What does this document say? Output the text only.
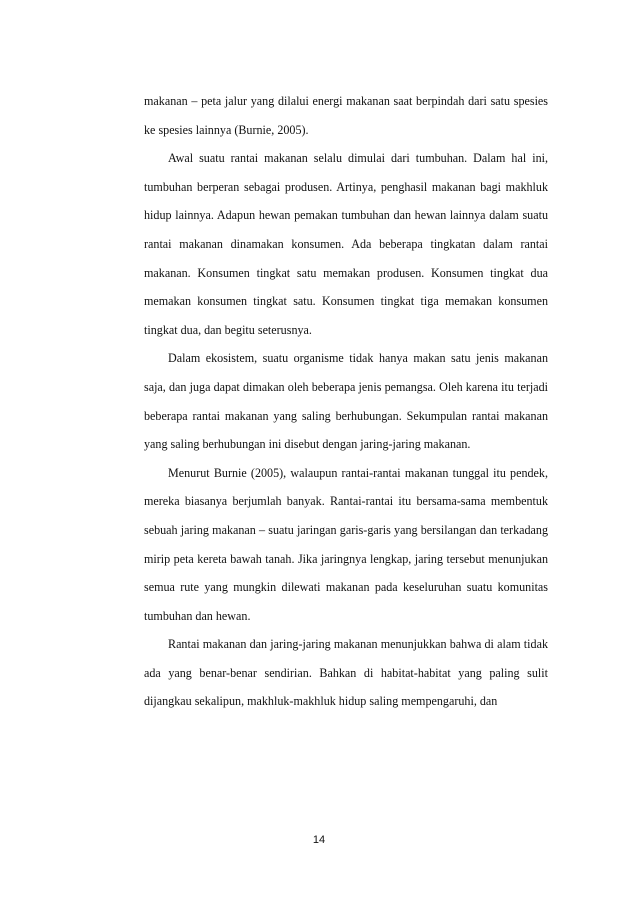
makanan – peta jalur yang dilalui energi makanan saat berpindah dari satu spesies ke spesies lainnya (Burnie, 2005).

Awal suatu rantai makanan selalu dimulai dari tumbuhan. Dalam hal ini, tumbuhan berperan sebagai produsen. Artinya, penghasil makanan bagi makhluk hidup lainnya. Adapun hewan pemakan tumbuhan dan hewan lainnya dalam suatu rantai makanan dinamakan konsumen. Ada beberapa tingkatan dalam rantai makanan. Konsumen tingkat satu memakan produsen. Konsumen tingkat dua memakan konsumen tingkat satu. Konsumen tingkat tiga memakan konsumen tingkat dua, dan begitu seterusnya.

Dalam ekosistem, suatu organisme tidak hanya makan satu jenis makanan saja, dan juga dapat dimakan oleh beberapa jenis pemangsa. Oleh karena itu terjadi beberapa rantai makanan yang saling berhubungan. Sekumpulan rantai makanan yang saling berhubungan ini disebut dengan jaring-jaring makanan.

Menurut Burnie (2005), walaupun rantai-rantai makanan tunggal itu pendek, mereka biasanya berjumlah banyak. Rantai-rantai itu bersama-sama membentuk sebuah jaring makanan – suatu jaringan garis-garis yang bersilangan dan terkadang mirip peta kereta bawah tanah. Jika jaringnya lengkap, jaring tersebut menunjukan semua rute yang mungkin dilewati makanan pada keseluruhan suatu komunitas tumbuhan dan hewan.

Rantai makanan dan jaring-jaring makanan menunjukkan bahwa di alam tidak ada yang benar-benar sendirian. Bahkan di habitat-habitat yang paling sulit dijangkau sekalipun, makhluk-makhluk hidup saling mempengaruhi, dan

14
